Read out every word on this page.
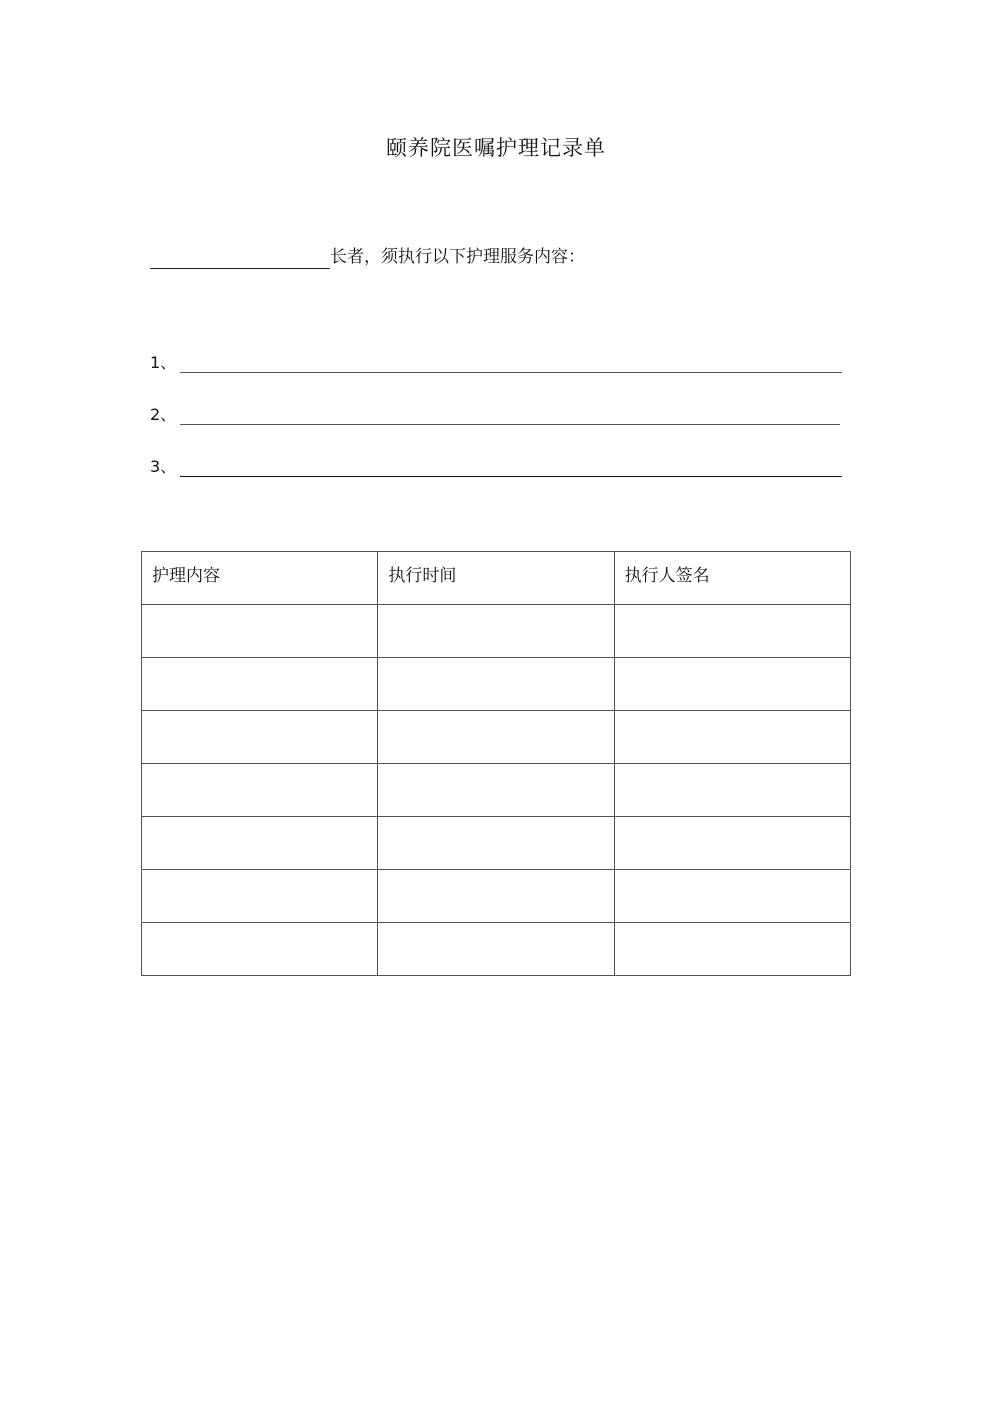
颐养院医嘱护理记录单
长者，须执行以下护理服务内容：
1、
2、
3、
护理内容	执行时间	执行人签名
